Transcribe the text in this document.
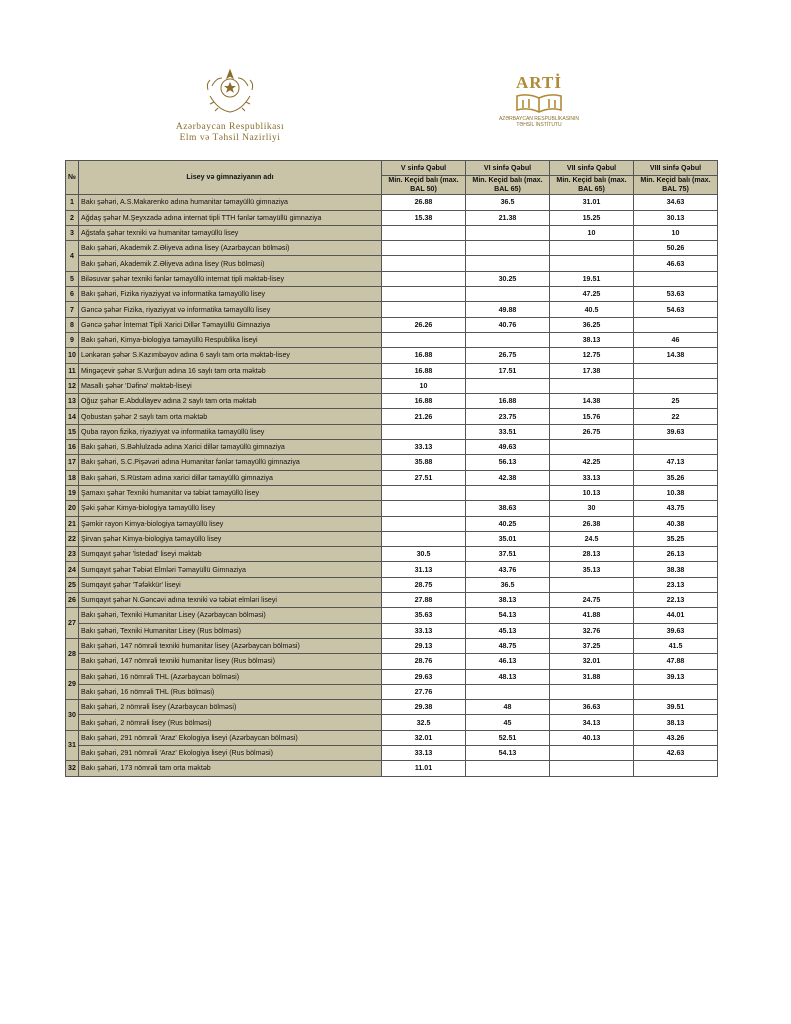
Azərbaycan Respublikası
Elm və Təhsil Nazirliyi
ARTİ
AZƏRBAYCAN RESPUBLİKASININ
TƏHSİL İNSTİTUTU
№	Lisey və gimnaziyanın adı	V sinfə Qəbul	VI sinfə Qəbul	VII sinfə Qəbul	VIII sinfə Qəbul
		Min. Keçid balı (max. BAL 50)	Min. Keçid balı (max. BAL 65)	Min. Keçid balı (max. BAL 65)	Min. Keçid balı (max. BAL 75)
1	Bakı şəhəri, A.S.Makarenko adına humanitar təmayüllü gimnaziya	26.88	36.5	31.01	34.63
2	Ağdaş şəhər M.Şeyxzadə adına internat tipli TTH fənlər təmayüllü gimnaziya	15.38	21.38	15.25	30.13
3	Ağstafa şəhər texniki və humanitar təmayüllü lisey			10	10
4	Bakı şəhəri, Akademik Z.Əliyeva adına lisey (Azərbaycan bölməsi)				50.26
	Bakı şəhəri, Akademik Z.Əliyeva adına lisey (Rus bölməsi)				46.63
5	Biləsuvar şəhər texniki fənlər təmayüllü internat tipli məktəb-lisey		30.25	19.51	
6	Bakı şəhəri, Fizika riyaziyyat və informatika təmayüllü lisey			47.25	53.63
7	Gəncə şəhər Fizika, riyaziyyat və informatika təmayüllü lisey		49.88	40.5	54.63
8	Gəncə şəhər İnternat Tipli Xarici Dillər Təmayüllü Gimnaziya	26.26	40.76	36.25	
9	Bakı şəhəri, Kimya-biologiya təmayüllü Respublika liseyi			38.13	46
10	Lənkəran şəhər S.Kazımbəyov adına 6 saylı tam orta məktəb-lisey	16.88	26.75	12.75	14.38
11	Mingəçevir şəhər S.Vurğun adına 16 saylı tam orta məktəb	16.88	17.51	17.38	
12	Masallı şəhər 'Dəfinə' məktəb-liseyi	10			
13	Oğuz şəhər E.Abdullayev adına 2 saylı tam orta məktəb	16.88	16.88	14.38	25
14	Qobustan şəhər 2 saylı tam orta məktəb	21.26	23.75	15.76	22
15	Quba rayon fizika, riyaziyyat və informatika təmayüllü lisey		33.51	26.75	39.63
16	Bakı şəhəri, S.Bəhlulzadə adına Xarici dillər təmayüllü gimnaziya	33.13	49.63		
17	Bakı şəhəri, S.C.Pişəvəri adına Humanitar fənlər təmayüllü gimnaziya	35.88	56.13	42.25	47.13
18	Bakı şəhəri, S.Rüstəm adına xarici dillər təmayüllü gimnaziya	27.51	42.38	33.13	35.26
19	Şamaxı şəhər Texniki humanitar və təbiət təmayüllü lisey			10.13	10.38
20	Şəki şəhər Kimya-biologiya təmayüllü lisey		38.63	30	43.75
21	Şəmkir rayon Kimya-biologiya təmayüllü lisey		40.25	26.38	40.38
22	Şirvan şəhər Kimya-biologiya təmayüllü lisey		35.01	24.5	35.25
23	Sumqayıt şəhər 'İstedad' liseyi məktəb	30.5	37.51	28.13	26.13
24	Sumqayıt şəhər Təbiət Elmləri Təmayüllü Gimnaziya	31.13	43.76	35.13	38.38
25	Sumqayıt şəhər 'Təfəkkür' liseyi	28.75	36.5		23.13
26	Sumqayıt şəhər N.Gəncəvi adına texniki və təbiət elmləri liseyi	27.88	38.13	24.75	22.13
27	Bakı şəhəri, Texniki Humanitar Lisey (Azərbaycan bölməsi)	35.63	54.13	41.88	44.01
	Bakı şəhəri, Texniki Humanitar Lisey (Rus bölməsi)	33.13	45.13	32.76	39.63
28	Bakı şəhəri, 147 nömrəli texniki humanitar lisey (Azərbaycan bölməsi)	29.13	48.75	37.25	41.5
	Bakı şəhəri, 147 nömrəli texniki humanitar lisey (Rus bölməsi)	28.76	46.13	32.01	47.88
29	Bakı şəhəri, 16 nömrəli THL (Azərbaycan bölməsi)	29.63	48.13	31.88	39.13
	Bakı şəhəri, 16 nömrəli THL (Rus bölməsi)	27.76			
30	Bakı şəhəri, 2 nömrəli lisey (Azərbaycan bölməsi)	29.38	48	36.63	39.51
	Bakı şəhəri, 2 nömrəli lisey (Rus bölməsi)	32.5	45	34.13	38.13
31	Bakı şəhəri, 291 nömrəli 'Araz' Ekologiya liseyi (Azərbaycan bölməsi)	32.01	52.51	40.13	43.26
	Bakı şəhəri, 291 nömrəli 'Araz' Ekologiya liseyi (Rus bölməsi)	33.13	54.13		42.63
32	Bakı şəhəri, 173 nömrəli tam orta məktəb	11.01			
